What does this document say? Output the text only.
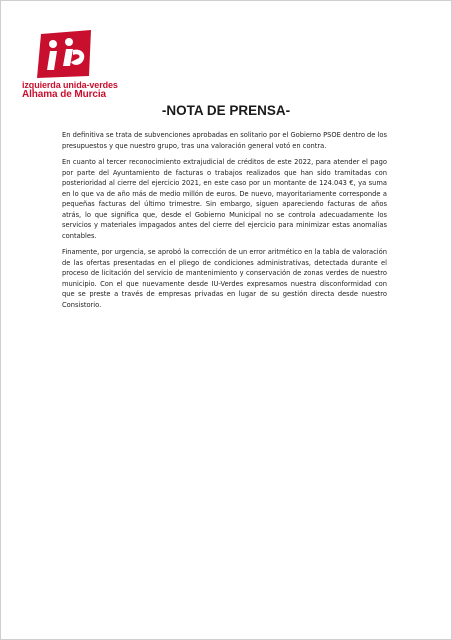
izquierda unida-verdes
Alhama de Murcia
-NOTA DE PRENSA-

En definitiva se trata de subvenciones aprobadas en solitario por el Gobierno PSOE dentro de los presupuestos y que nuestro grupo, tras una valoración general votó en contra.

En cuanto al tercer reconocimiento extrajudicial de créditos de este 2022, para atender el pago por parte del Ayuntamiento de facturas o trabajos realizados que han sido tramitadas con posterioridad al cierre del ejercicio 2021, en este caso por un montante de 124.043 €, ya suma en lo que va de año más de medio millón de euros. De nuevo, mayoritariamente corresponde a pequeñas facturas del último trimestre. Sin embargo, siguen apareciendo facturas de años atrás, lo que significa que, desde el Gobierno Municipal no se controla adecuadamente los servicios y materiales impagados antes del cierre del ejercicio para minimizar estas anomalías contables.

Finamente, por urgencia, se aprobó la corrección de un error aritmético en la tabla de valoración de las ofertas presentadas en el pliego de condiciones administrativas, detectada durante el proceso de licitación del servicio de mantenimiento y conservación de zonas verdes de nuestro municipio. Con el que nuevamente desde IU-Verdes expresamos nuestra disconformidad con que se preste a través de empresas privadas en lugar de su gestión directa desde nuestro Consistorio.
